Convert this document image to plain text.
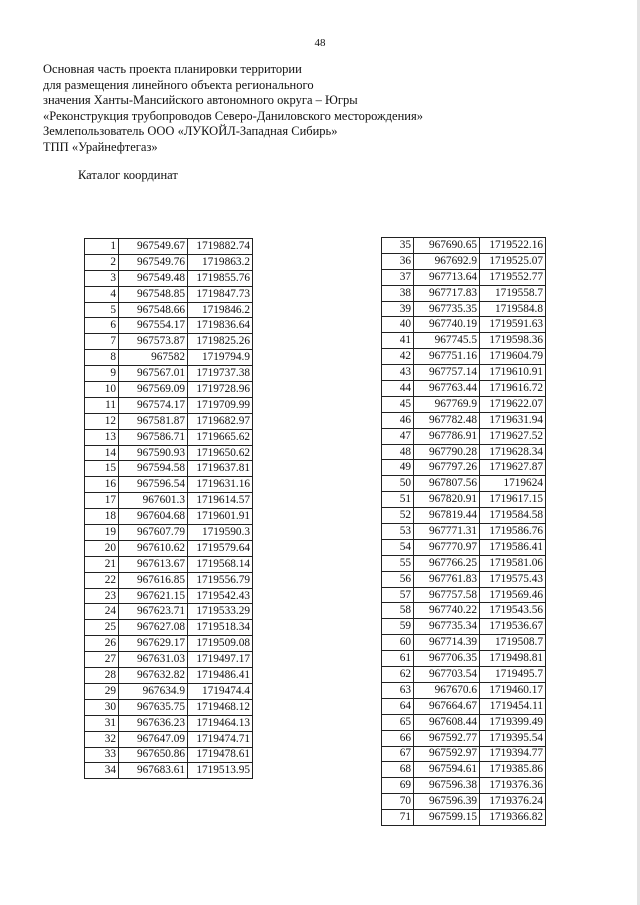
48
Основная часть проекта планировки территории
для размещения линейного объекта регионального
значения Ханты-Мансийского автономного округа – Югры
«Реконструкция трубопроводов Северо-Даниловского месторождения»
Землепользователь ООО «ЛУКОЙЛ-Западная Сибирь»
ТПП «Урайнефтегаз»
Каталог координат
1	967549.67	1719882.74
2	967549.76	1719863.2
3	967549.48	1719855.76
4	967548.85	1719847.73
5	967548.66	1719846.2
6	967554.17	1719836.64
7	967573.87	1719825.26
8	967582	1719794.9
9	967567.01	1719737.38
10	967569.09	1719728.96
11	967574.17	1719709.99
12	967581.87	1719682.97
13	967586.71	1719665.62
14	967590.93	1719650.62
15	967594.58	1719637.81
16	967596.54	1719631.16
17	967601.3	1719614.57
18	967604.68	1719601.91
19	967607.79	1719590.3
20	967610.62	1719579.64
21	967613.67	1719568.14
22	967616.85	1719556.79
23	967621.15	1719542.43
24	967623.71	1719533.29
25	967627.08	1719518.34
26	967629.17	1719509.08
27	967631.03	1719497.17
28	967632.82	1719486.41
29	967634.9	1719474.4
30	967635.75	1719468.12
31	967636.23	1719464.13
32	967647.09	1719474.71
33	967650.86	1719478.61
34	967683.61	1719513.95
35	967690.65	1719522.16
36	967692.9	1719525.07
37	967713.64	1719552.77
38	967717.83	1719558.7
39	967735.35	1719584.8
40	967740.19	1719591.63
41	967745.5	1719598.36
42	967751.16	1719604.79
43	967757.14	1719610.91
44	967763.44	1719616.72
45	967769.9	1719622.07
46	967782.48	1719631.94
47	967786.91	1719627.52
48	967790.28	1719628.34
49	967797.26	1719627.87
50	967807.56	1719624
51	967820.91	1719617.15
52	967819.44	1719584.58
53	967771.31	1719586.76
54	967770.97	1719586.41
55	967766.25	1719581.06
56	967761.83	1719575.43
57	967757.58	1719569.46
58	967740.22	1719543.56
59	967735.34	1719536.67
60	967714.39	1719508.7
61	967706.35	1719498.81
62	967703.54	1719495.7
63	967670.6	1719460.17
64	967664.67	1719454.11
65	967608.44	1719399.49
66	967592.77	1719395.54
67	967592.97	1719394.77
68	967594.61	1719385.86
69	967596.38	1719376.36
70	967596.39	1719376.24
71	967599.15	1719366.82
